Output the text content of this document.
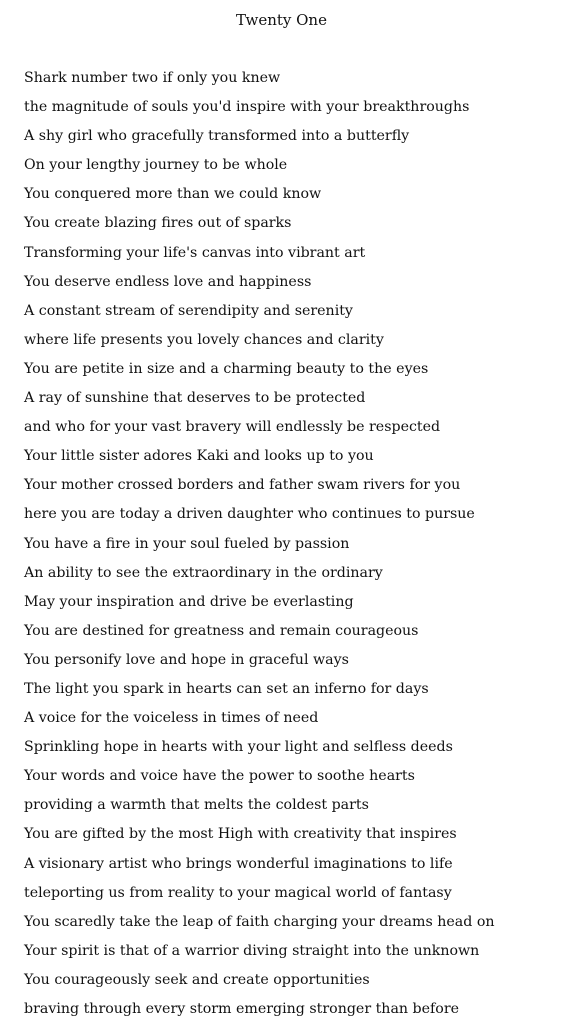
Twenty One
Shark number two if only you knew
the magnitude of souls you'd inspire with your breakthroughs
A shy girl who gracefully transformed into a butterfly
On your lengthy journey to be whole
You conquered more than we could know
You create blazing fires out of sparks
Transforming your life's canvas into vibrant art
You deserve endless love and happiness
A constant stream of serendipity and serenity
where life presents you lovely chances and clarity
You are petite in size and a charming beauty to the eyes
A ray of sunshine that deserves to be protected
and who for your vast bravery will endlessly be respected
Your little sister adores Kaki and looks up to you
Your mother crossed borders and father swam rivers for you
here you are today a driven daughter who continues to pursue
You have a fire in your soul fueled by passion
An ability to see the extraordinary in the ordinary
May your inspiration and drive be everlasting
You are destined for greatness and remain courageous
You personify love and hope in graceful ways
The light you spark in hearts can set an inferno for days
A voice for the voiceless in times of need
Sprinkling hope in hearts with your light and selfless deeds
Your words and voice have the power to soothe hearts
providing a warmth that melts the coldest parts
You are gifted by the most High with creativity that inspires
A visionary artist who brings wonderful imaginations to life
teleporting us from reality to your magical world of fantasy
You scaredly take the leap of faith charging your dreams head on
Your spirit is that of a warrior diving straight into the unknown
You courageously seek and create opportunities
braving through every storm emerging stronger than before
